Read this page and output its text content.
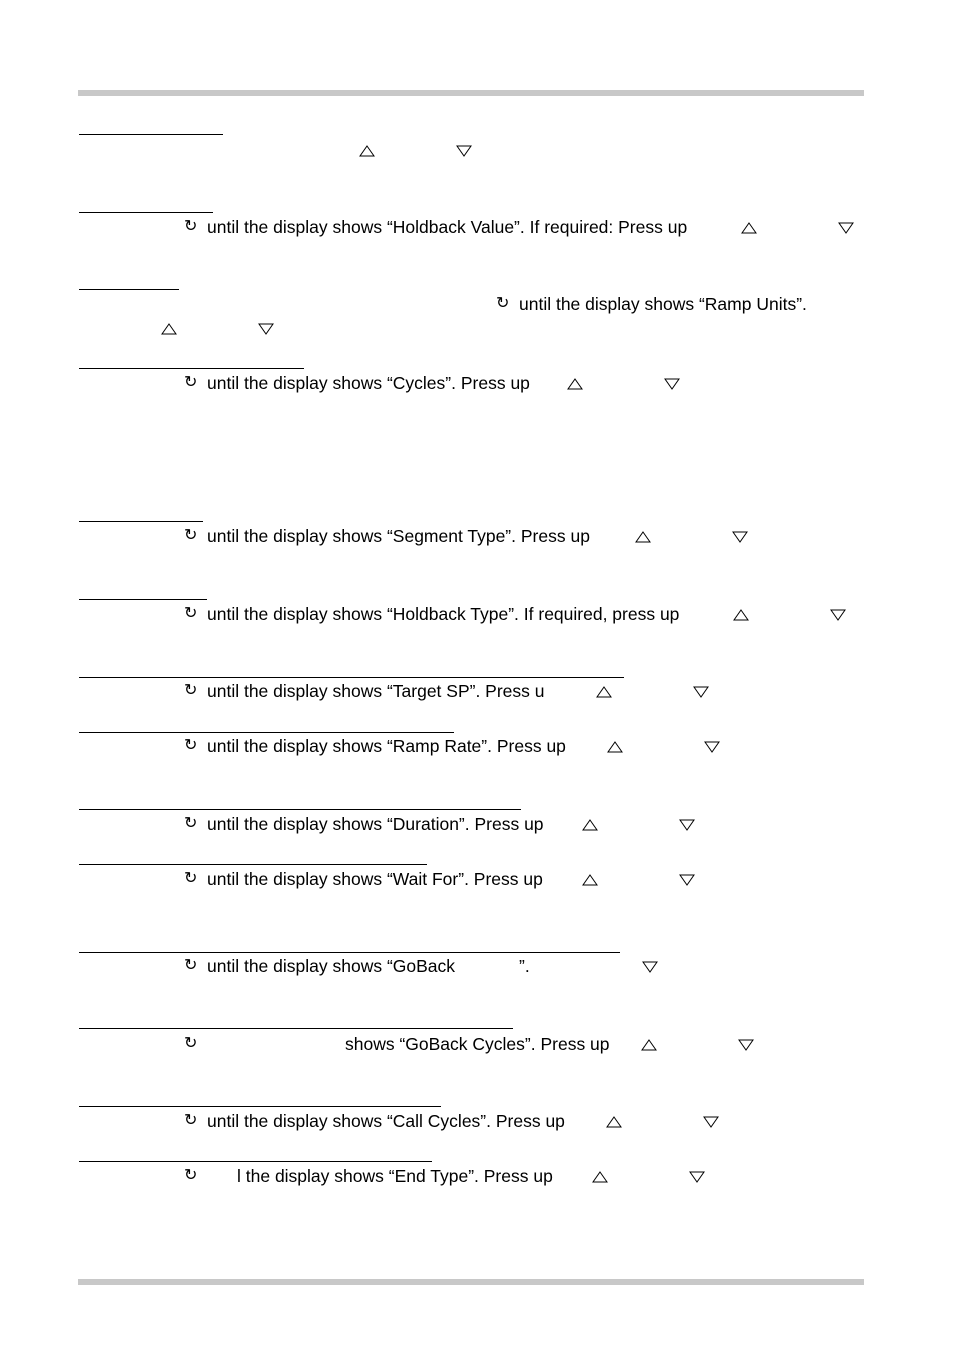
↻ until the display shows “Holdback Value”. If required: Press up
↻ until the display shows “Ramp Units”.
↻ until the display shows “Cycles”. Press up
↻ until the display shows “Segment Type”. Press up
↻ until the display shows “Holdback Type”. If required, press up
↻ until the display shows “Target SP”. Press u
↻ until the display shows “Ramp Rate”. Press up
↻ until the display shows “Duration”. Press up
↻ until the display shows “Wait For”. Press up
↻ until the display shows “GoBack	”.
↻	shows “GoBack Cycles”. Press up
↻ until the display shows “Call Cycles”. Press up
↻ l the display shows “End Type”. Press up
